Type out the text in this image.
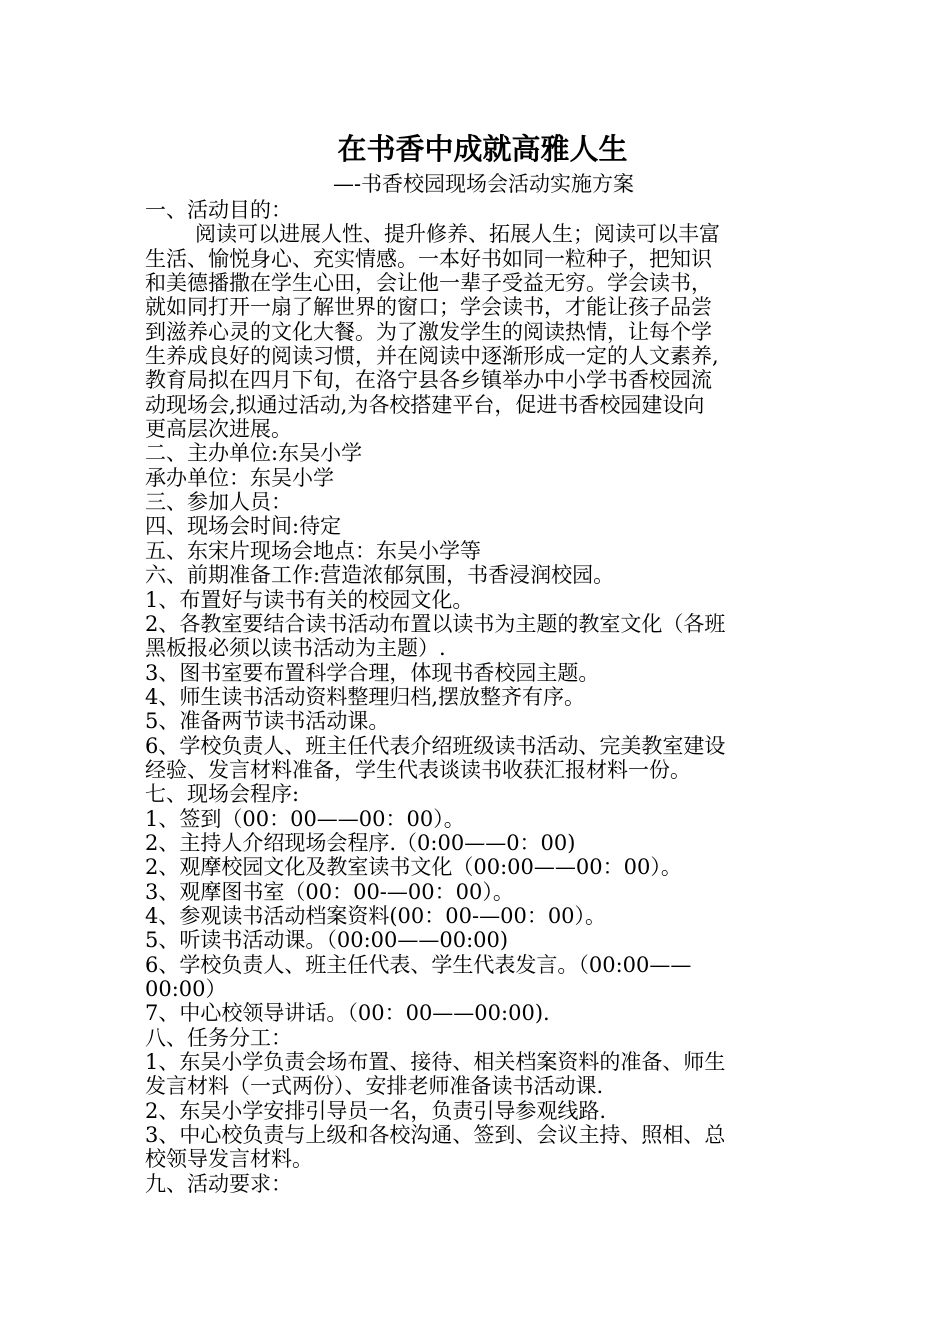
在书香中成就高雅人生

—-书香校园现场会活动实施方案

一、活动目的：

阅读可以进展人性、提升修养、拓展人生；阅读可以丰富

生活、愉悦身心、充实情感。一本好书如同一粒种子，把知识

和美德播撒在学生心田，会让他一辈子受益无穷。学会读书，

就如同打开一扇了解世界的窗口；学会读书，才能让孩子品尝

到滋养心灵的文化大餐。为了激发学生的阅读热情，让每个学

生养成良好的阅读习惯，并在阅读中逐渐形成一定的人文素养,

教育局拟在四月下旬，在洛宁县各乡镇举办中小学书香校园流

动现场会,拟通过活动,为各校搭建平台，促进书香校园建设向

更高层次进展。

二、主办单位:东吴小学

承办单位：东吴小学

三、参加人员：

四、现场会时间:待定

五、东宋片现场会地点：东吴小学等

六、前期准备工作:营造浓郁氛围，书香浸润校园。

1、布置好与读书有关的校园文化。

2、各教室要结合读书活动布置以读书为主题的教室文化（各班

黑板报必须以读书活动为主题）.

3、图书室要布置科学合理，体现书香校园主题。

4、师生读书活动资料整理归档,摆放整齐有序。

5、准备两节读书活动课。

6、学校负责人、班主任代表介绍班级读书活动、完美教室建设

经验、发言材料准备，学生代表谈读书收获汇报材料一份。

七、现场会程序:

1、签到（00：00——00：00）。

2、主持人介绍现场会程序.（0:00——0：00)

2、观摩校园文化及教室读书文化（00:00——00：00）。

3、观摩图书室（00：00-—00：00）。

4、参观读书活动档案资料(00：00-—00：00）。

5、听读书活动课。（00:00——00:00)

6、学校负责人、班主任代表、学生代表发言。（00:00——

00:00）

7、中心校领导讲话。（00：00——00:00).

八、任务分工：

1、东吴小学负责会场布置、接待、相关档案资料的准备、师生

发言材料（一式两份）、安排老师准备读书活动课.

2、东吴小学安排引导员一名，负责引导参观线路.

3、中心校负责与上级和各校沟通、签到、会议主持、照相、总

校领导发言材料。

九、活动要求：
